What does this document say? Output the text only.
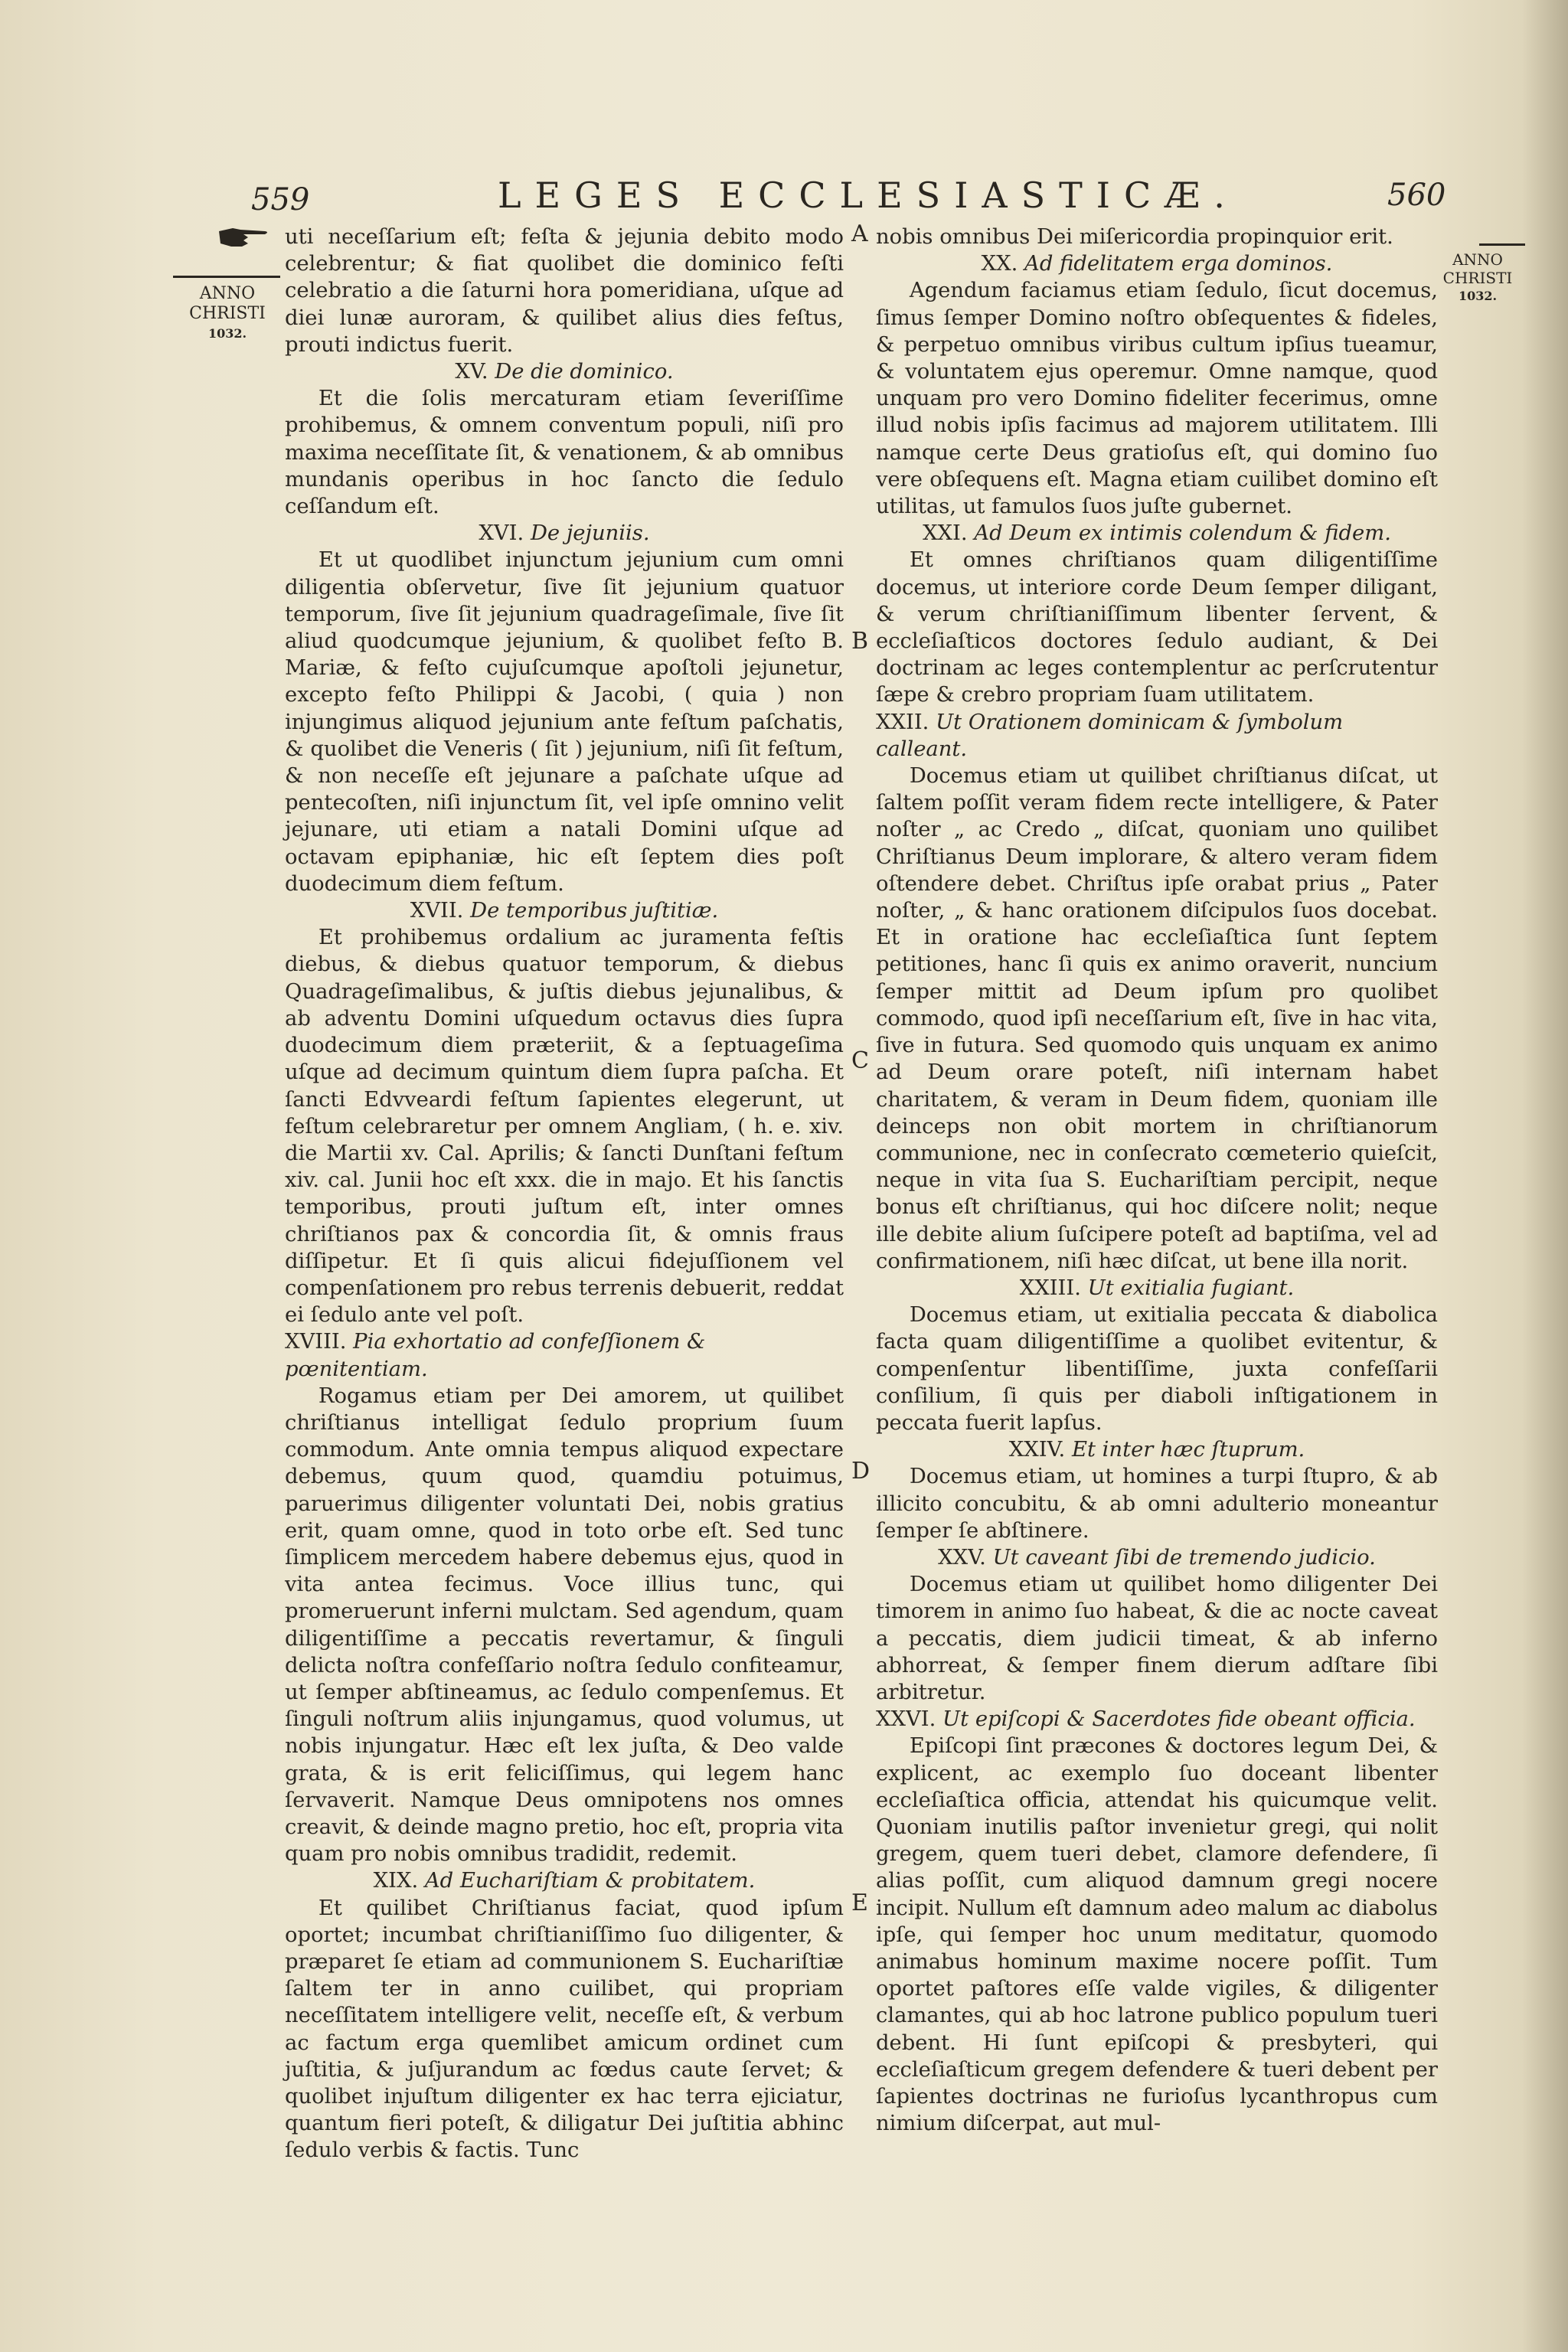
559	LEGES ECCLESIASTICÆ.	560
ANNO
CHRISTI
1032.
ANNO
CHRISTI
1032.
A
B
C
D
E

uti neceſſarium eſt; feſta & jejunia debito modo celebrentur; & fiat quolibet die dominico feſti celebratio a die ſaturni hora pomeridiana, uſque ad diei lunæ auroram, & quilibet alius dies feſtus, prouti indictus fuerit.

XV. De die dominico.

Et die ſolis mercaturam etiam ſeveriſſime prohibemus, & omnem conventum populi, niſi pro maxima neceſſitate ſit, & venationem, & ab omnibus mundanis operibus in hoc ſancto die ſedulo ceſſandum eſt.

XVI. De jejuniis.

Et ut quodlibet injunctum jejunium cum omni diligentia obſervetur, ſive ſit jejunium quatuor temporum, ſive ſit jejunium quadrageſimale, ſive ſit aliud quodcumque jejunium, & quolibet feſto B. Mariæ, & feſto cujuſcumque apoſtoli jejunetur, excepto feſto Philippi & Jacobi, ( quia ) non injungimus aliquod jejunium ante feſtum paſchatis, & quolibet die Veneris ( ſit ) jejunium, niſi ſit feſtum, & non neceſſe eſt jejunare a paſchate uſque ad pentecoſten, niſi injunctum ſit, vel ipſe omnino velit jejunare, uti etiam a natali Domini uſque ad octavam epiphaniæ, hic eſt ſeptem dies poſt duodecimum diem feſtum.

XVII. De temporibus juſtitiæ.

Et prohibemus ordalium ac juramenta feſtis diebus, & diebus quatuor temporum, & diebus Quadrageſimalibus, & juſtis diebus jejunalibus, & ab adventu Domini uſquedum octavus dies ſupra duodecimum diem præteriit, & a ſeptuageſima uſque ad decimum quintum diem ſupra paſcha. Et ſancti Edvveardi feſtum ſapientes elegerunt, ut feſtum celebraretur per omnem Angliam, ( h. e. xiv. die Martii xv. Cal. Aprilis; & ſancti Dunſtani feſtum xiv. cal. Junii hoc eſt xxx. die in majo. Et his ſanctis temporibus, prouti juſtum eſt, inter omnes chriſtianos pax & concordia ſit, & omnis fraus diſſipetur. Et ſi quis alicui fidejuſſionem vel compenſationem pro rebus terrenis debuerit, reddat ei ſedulo ante vel poſt.

XVIII. Pia exhortatio ad confeſſionem & pœnitentiam.

Rogamus etiam per Dei amorem, ut quilibet chriſtianus intelligat ſedulo proprium ſuum commodum. Ante omnia tempus aliquod expectare debemus, quum quod, quamdiu potuimus, paruerimus diligenter voluntati Dei, nobis gratius erit, quam omne, quod in toto orbe eſt. Sed tunc ſimplicem mercedem habere debemus ejus, quod in vita antea fecimus. Voce illius tunc, qui promeruerunt inferni mulctam. Sed agendum, quam diligentiſſime a peccatis revertamur, & ſinguli delicta noſtra confeſſario noſtra ſedulo confiteamur, ut ſemper abſtineamus, ac ſedulo compenſemus. Et ſinguli noſtrum aliis injungamus, quod volumus, ut nobis injungatur. Hæc eſt lex juſta, & Deo valde grata, & is erit feliciſſimus, qui legem hanc ſervaverit. Namque Deus omnipotens nos omnes creavit, & deinde magno pretio, hoc eſt, propria vita quam pro nobis omnibus tradidit, redemit.

XIX. Ad Euchariſtiam & probitatem.

Et quilibet Chriſtianus faciat, quod ipſum oportet; incumbat chriſtianiſſimo ſuo diligenter, & præparet ſe etiam ad communionem S. Euchariſtiæ ſaltem ter in anno cuilibet, qui propriam neceſſitatem intelligere velit, neceſſe eſt, & verbum ac factum erga quemlibet amicum ordinet cum juſtitia, & juſjurandum ac fœdus caute ſervet; & quolibet injuſtum diligenter ex hac terra ejiciatur, quantum fieri poteſt, & diligatur Dei juſtitia abhinc ſedulo verbis & factis. Tunc

nobis omnibus Dei miſericordia propinquior erit.

XX. Ad fidelitatem erga dominos.

Agendum faciamus etiam ſedulo, ſicut docemus, ſimus ſemper Domino noſtro obſequentes & fideles, & perpetuo omnibus viribus cultum ipſius tueamur, & voluntatem ejus operemur. Omne namque, quod unquam pro vero Domino fideliter fecerimus, omne illud nobis ipſis facimus ad majorem utilitatem. Illi namque certe Deus gratioſus eſt, qui domino ſuo vere obſequens eſt. Magna etiam cuilibet domino eſt utilitas, ut famulos ſuos juſte gubernet.

XXI. Ad Deum ex intimis colendum & fidem.

Et omnes chriſtianos quam diligentiſſime docemus, ut interiore corde Deum ſemper diligant, & verum chriſtianiſſimum libenter ſervent, & eccleſiaſticos doctores ſedulo audiant, & Dei doctrinam ac leges contemplentur ac perſcrutentur ſæpe & crebro propriam ſuam utilitatem.

XXII. Ut Orationem dominicam & ſymbolum calleant.

Docemus etiam ut quilibet chriſtianus diſcat, ut ſaltem poſſit veram fidem recte intelligere, & Pater noſter „ ac Credo „ diſcat, quoniam uno quilibet Chriſtianus Deum implorare, & altero veram fidem oſtendere debet. Chriſtus ipſe orabat prius „ Pater noſter, „ & hanc orationem diſcipulos ſuos docebat. Et in oratione hac eccleſiaſtica ſunt ſeptem petitiones, hanc ſi quis ex animo oraverit, nuncium ſemper mittit ad Deum ipſum pro quolibet commodo, quod ipſi neceſſarium eſt, ſive in hac vita, ſive in futura. Sed quomodo quis unquam ex animo ad Deum orare poteſt, niſi internam habet charitatem, & veram in Deum fidem, quoniam ille deinceps non obit mortem in chriſtianorum communione, nec in conſecrato cœmeterio quieſcit, neque in vita ſua S. Euchariſtiam percipit, neque bonus eſt chriſtianus, qui hoc diſcere nolit; neque ille debite alium ſuſcipere poteſt ad baptiſma, vel ad confirmationem, niſi hæc diſcat, ut bene illa norit.

XXIII. Ut exitialia fugiant.

Docemus etiam, ut exitialia peccata & diabolica facta quam diligentiſſime a quolibet evitentur, & compenſentur libentiſſime, juxta confeſſarii conſilium, ſi quis per diaboli inſtigationem in peccata fuerit lapſus.

XXIV. Et inter hæc ſtuprum.

Docemus etiam, ut homines a turpi ſtupro, & ab illicito concubitu, & ab omni adulterio moneantur ſemper ſe abſtinere.

XXV. Ut caveant ſibi de tremendo judicio.

Docemus etiam ut quilibet homo diligenter Dei timorem in animo ſuo habeat, & die ac nocte caveat a peccatis, diem judicii timeat, & ab inferno abhorreat, & ſemper finem dierum adſtare ſibi arbitretur.

XXVI. Ut epiſcopi & Sacerdotes fide obeant officia.

Epiſcopi ſint præcones & doctores legum Dei, & explicent, ac exemplo ſuo doceant libenter eccleſiaſtica officia, attendat his quicumque velit. Quoniam inutilis paſtor invenietur gregi, qui nolit gregem, quem tueri debet, clamore defendere, ſi alias poſſit, cum aliquod damnum gregi nocere incipit. Nullum eſt damnum adeo malum ac diabolus ipſe, qui ſemper hoc unum meditatur, quomodo animabus hominum maxime nocere poſſit. Tum oportet paſtores eſſe valde vigiles, & diligenter clamantes, qui ab hoc latrone publico populum tueri debent. Hi ſunt epiſcopi & presbyteri, qui eccleſiaſticum gregem defendere & tueri debent per ſapientes doctrinas ne furioſus lycanthropus cum nimium diſcerpat, aut mul-
